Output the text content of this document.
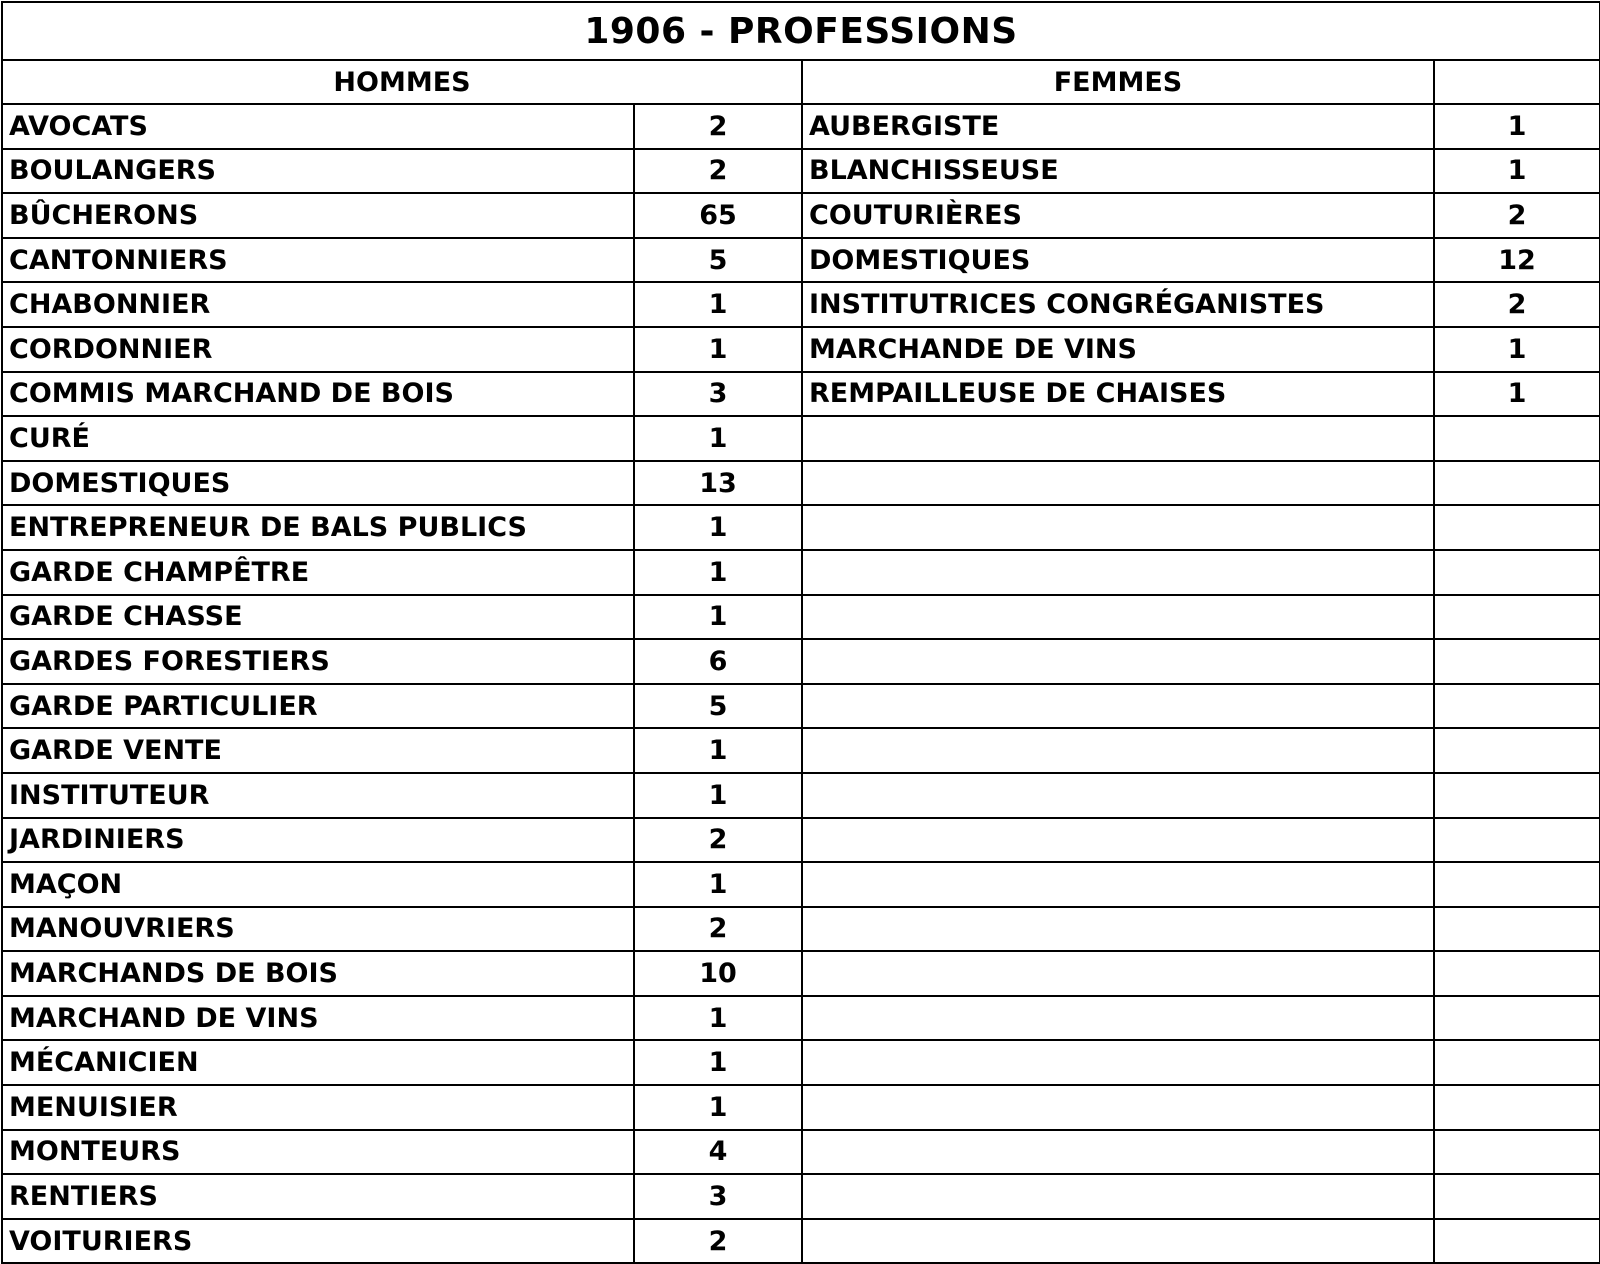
1906 - PROFESSIONS			
HOMMES		FEMMES	
AVOCATS	2	AUBERGISTE	1
BOULANGERS	2	BLANCHISSEUSE	1
BÛCHERONS	65	COUTURIÈRES	2
CANTONNIERS	5	DOMESTIQUES	12
CHABONNIER	1	INSTITUTRICES CONGRÉGANISTES	2
CORDONNIER	1	MARCHANDE DE VINS	1
COMMIS MARCHAND DE BOIS	3	REMPAILLEUSE DE CHAISES	1
CURÉ	1		
DOMESTIQUES	13		
ENTREPRENEUR DE BALS PUBLICS	1		
GARDE CHAMPÊTRE	1		
GARDE CHASSE	1		
GARDES FORESTIERS	6		
GARDE PARTICULIER	5		
GARDE VENTE	1		
INSTITUTEUR	1		
JARDINIERS	2		
MAÇON	1		
MANOUVRIERS	2		
MARCHANDS DE BOIS	10		
MARCHAND DE VINS	1		
MÉCANICIEN	1		
MENUISIER	1		
MONTEURS	4		
RENTIERS	3		
VOITURIERS	2		
